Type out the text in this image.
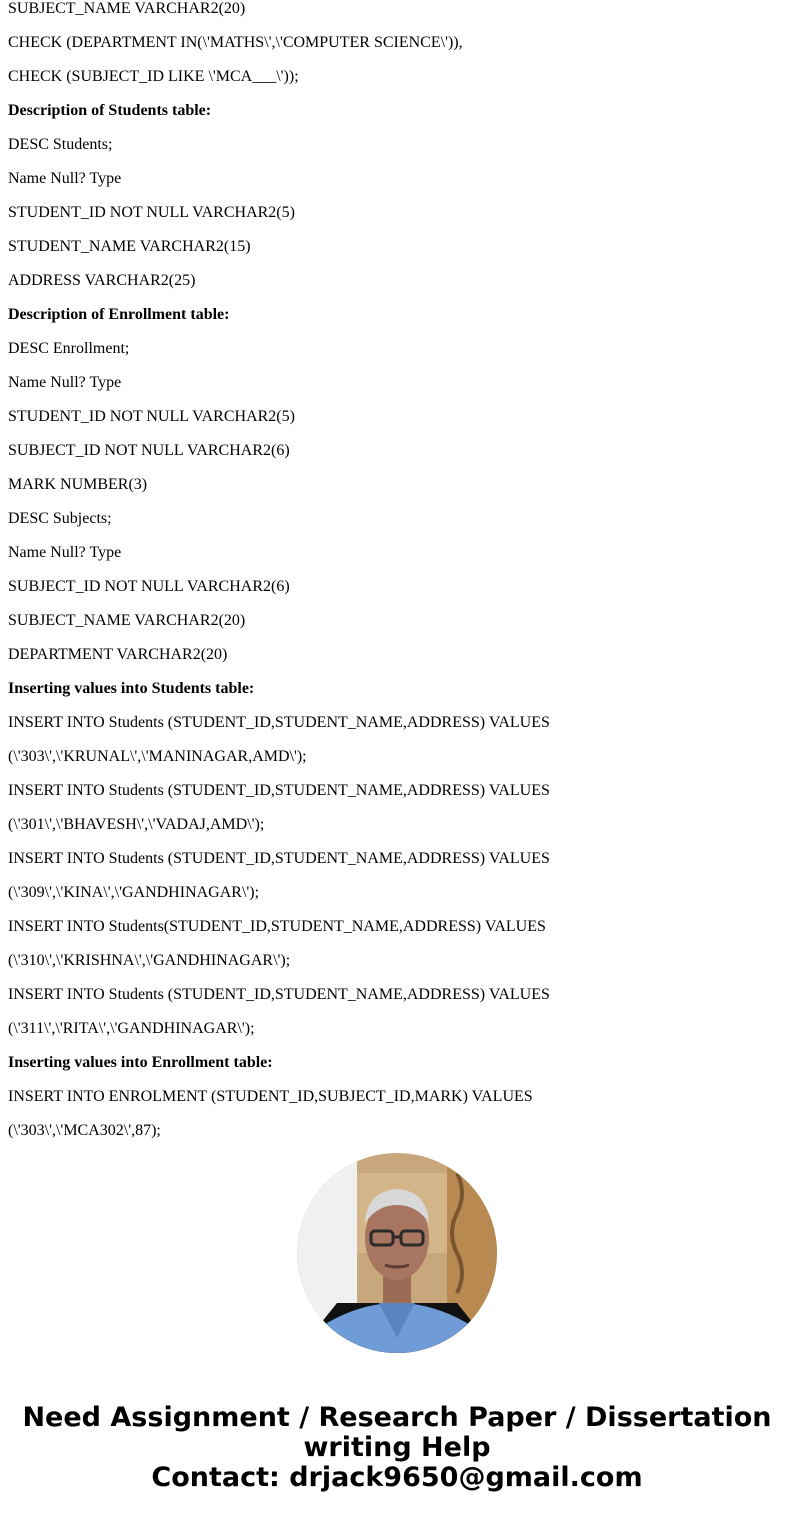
SUBJECT_NAME VARCHAR2(20)

CHECK (DEPARTMENT IN(\'MATHS\',\'COMPUTER SCIENCE\')),

CHECK (SUBJECT_ID LIKE \'MCA___\'));

Description of Students table:

DESC Students;

Name Null? Type

STUDENT_ID NOT NULL VARCHAR2(5)

STUDENT_NAME VARCHAR2(15)

ADDRESS VARCHAR2(25)

Description of Enrollment table:

DESC Enrollment;

Name Null? Type

STUDENT_ID NOT NULL VARCHAR2(5)

SUBJECT_ID NOT NULL VARCHAR2(6)

MARK NUMBER(3)

DESC Subjects;

Name Null? Type

SUBJECT_ID NOT NULL VARCHAR2(6)

SUBJECT_NAME VARCHAR2(20)

DEPARTMENT VARCHAR2(20)

Inserting values into Students table:

INSERT INTO Students (STUDENT_ID,STUDENT_NAME,ADDRESS) VALUES

(\'303\',\'KRUNAL\',\'MANINAGAR,AMD\');

INSERT INTO Students (STUDENT_ID,STUDENT_NAME,ADDRESS) VALUES

(\'301\',\'BHAVESH\',\'VADAJ,AMD\');

INSERT INTO Students (STUDENT_ID,STUDENT_NAME,ADDRESS) VALUES

(\'309\',\'KINA\',\'GANDHINAGAR\');

INSERT INTO Students(STUDENT_ID,STUDENT_NAME,ADDRESS) VALUES

(\'310\',\'KRISHNA\',\'GANDHINAGAR\');

INSERT INTO Students (STUDENT_ID,STUDENT_NAME,ADDRESS) VALUES

(\'311\',\'RITA\',\'GANDHINAGAR\');

Inserting values into Enrollment table:

INSERT INTO ENROLMENT (STUDENT_ID,SUBJECT_ID,MARK) VALUES

(\'303\',\'MCA302\',87);

Need Assignment / Research Paper / Dissertation

writing Help

Contact: drjack9650@gmail.com
